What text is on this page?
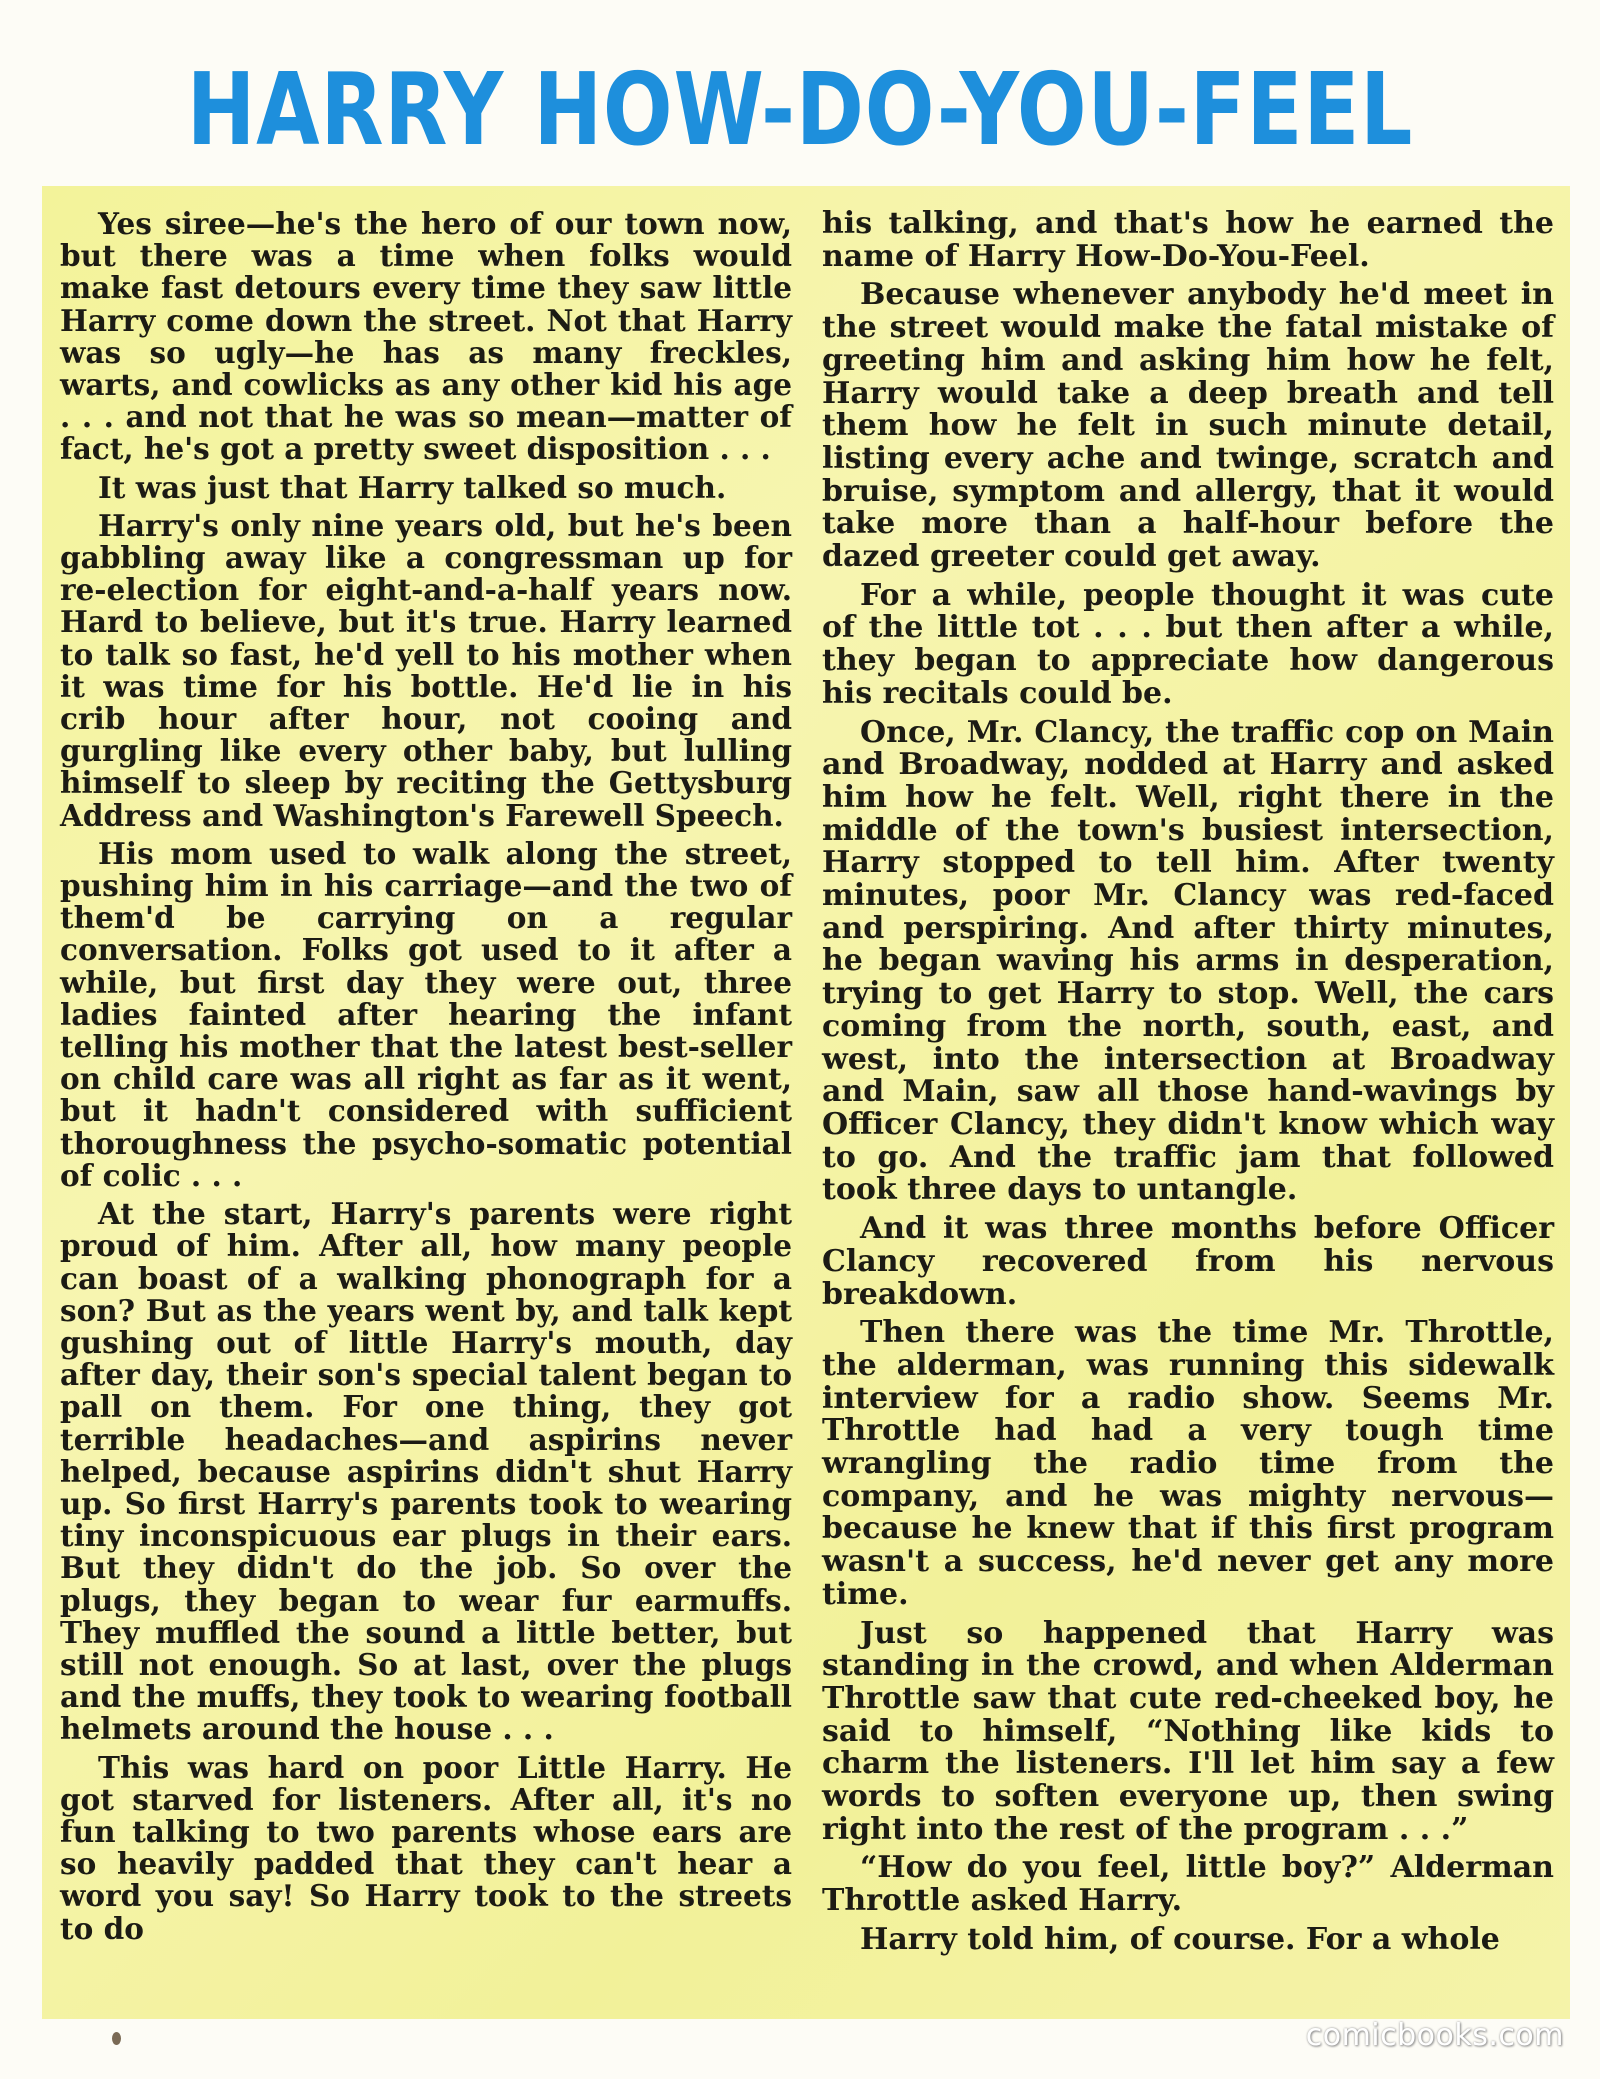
HARRY HOW-DO-YOU-FEEL

Yes siree—he's the hero of our town now, but there was a time when folks would make fast detours every time they saw little Harry come down the street. Not that Harry was so ugly—he has as many freckles, warts, and cowlicks as any other kid his age . . . and not that he was so mean—matter of fact, he's got a pretty sweet disposition . . .

It was just that Harry talked so much.

Harry's only nine years old, but he's been gabbling away like a congressman up for re-election for eight-and-a-half years now. Hard to believe, but it's true. Harry learned to talk so fast, he'd yell to his mother when it was time for his bottle. He'd lie in his crib hour after hour, not cooing and gurgling like every other baby, but lulling himself to sleep by reciting the Gettysburg Address and Washington's Farewell Speech.

His mom used to walk along the street, pushing him in his carriage—and the two of them'd be carrying on a regular conversation. Folks got used to it after a while, but first day they were out, three ladies fainted after hearing the infant telling his mother that the latest best-seller on child care was all right as far as it went, but it hadn't considered with sufficient thoroughness the psycho-somatic potential of colic . . .

At the start, Harry's parents were right proud of him. After all, how many people can boast of a walking phonograph for a son? But as the years went by, and talk kept gushing out of little Harry's mouth, day after day, their son's special talent began to pall on them. For one thing, they got terrible headaches—and aspirins never helped, because aspirins didn't shut Harry up. So first Harry's parents took to wearing tiny inconspicuous ear plugs in their ears. But they didn't do the job. So over the plugs, they began to wear fur earmuffs. They muffled the sound a little better, but still not enough. So at last, over the plugs and the muffs, they took to wearing football helmets around the house . . .

This was hard on poor Little Harry. He got starved for listeners. After all, it's no fun talking to two parents whose ears are so heavily padded that they can't hear a word you say! So Harry took to the streets to do

his talking, and that's how he earned the name of Harry How-Do-You-Feel.

Because whenever anybody he'd meet in the street would make the fatal mistake of greeting him and asking him how he felt, Harry would take a deep breath and tell them how he felt in such minute detail, listing every ache and twinge, scratch and bruise, symptom and allergy, that it would take more than a half-hour before the dazed greeter could get away.

For a while, people thought it was cute of the little tot . . . but then after a while, they began to appreciate how dangerous his recitals could be.

Once, Mr. Clancy, the traffic cop on Main and Broadway, nodded at Harry and asked him how he felt. Well, right there in the middle of the town's busiest intersection, Harry stopped to tell him. After twenty minutes, poor Mr. Clancy was red-faced and perspiring. And after thirty minutes, he began waving his arms in desperation, trying to get Harry to stop. Well, the cars coming from the north, south, east, and west, into the intersection at Broadway and Main, saw all those hand-wavings by Officer Clancy, they didn't know which way to go. And the traffic jam that followed took three days to untangle.

And it was three months before Officer Clancy recovered from his nervous breakdown.

Then there was the time Mr. Throttle, the alderman, was running this sidewalk interview for a radio show. Seems Mr. Throttle had had a very tough time wrangling the radio time from the company, and he was mighty nervous—because he knew that if this first program wasn't a success, he'd never get any more time.

Just so happened that Harry was standing in the crowd, and when Alderman Throttle saw that cute red-cheeked boy, he said to himself, “Nothing like kids to charm the listeners. I'll let him say a few words to soften everyone up, then swing right into the rest of the program . . .”

“How do you feel, little boy?” Alderman Throttle asked Harry.

Harry told him, of course. For a whole

comicbooks.com
